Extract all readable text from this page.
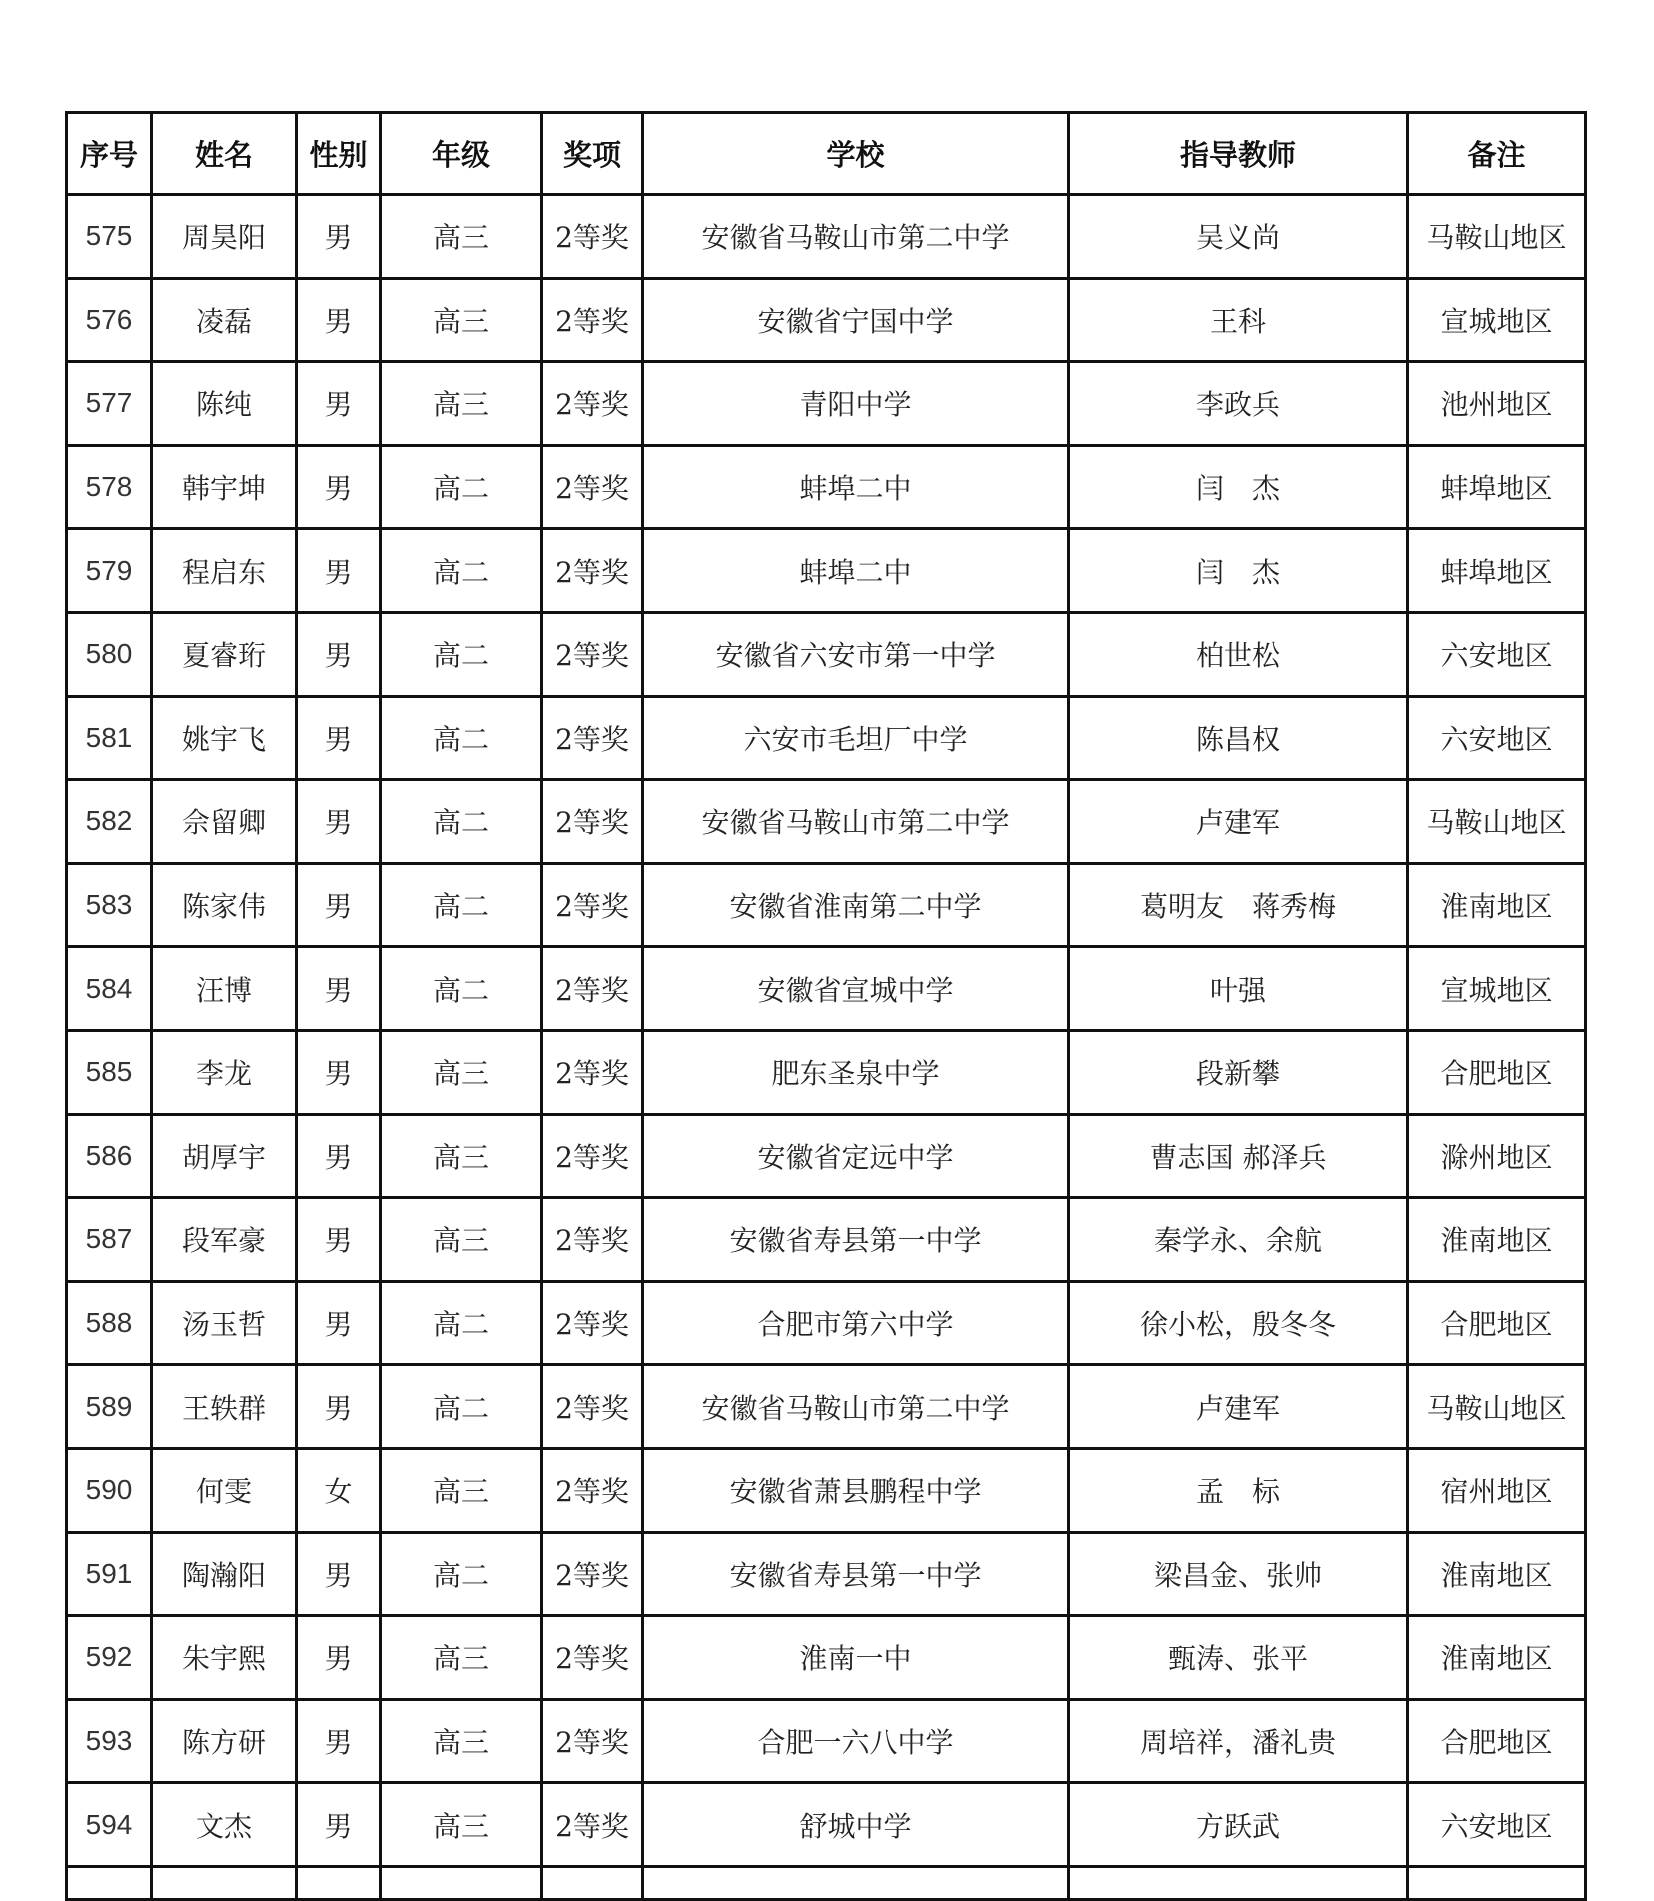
序号	姓名	性别	年级	奖项	学校	指导教师	备注
575	周昊阳	男	高三	2等奖	安徽省马鞍山市第二中学	吴义尚	马鞍山地区
576	凌磊	男	高三	2等奖	安徽省宁国中学	王科	宣城地区
577	陈纯	男	高三	2等奖	青阳中学	李政兵	池州地区
578	韩宇坤	男	高二	2等奖	蚌埠二中	闫　杰	蚌埠地区
579	程启东	男	高二	2等奖	蚌埠二中	闫　杰	蚌埠地区
580	夏睿珩	男	高二	2等奖	安徽省六安市第一中学	柏世松	六安地区
581	姚宇飞	男	高二	2等奖	六安市毛坦厂中学	陈昌权	六安地区
582	佘留卿	男	高二	2等奖	安徽省马鞍山市第二中学	卢建军	马鞍山地区
583	陈家伟	男	高二	2等奖	安徽省淮南第二中学	葛明友　蒋秀梅	淮南地区
584	汪博	男	高二	2等奖	安徽省宣城中学	叶强	宣城地区
585	李龙	男	高三	2等奖	肥东圣泉中学	段新攀	合肥地区
586	胡厚宇	男	高三	2等奖	安徽省定远中学	曹志国 郝泽兵	滁州地区
587	段军豪	男	高三	2等奖	安徽省寿县第一中学	秦学永、余航	淮南地区
588	汤玉哲	男	高二	2等奖	合肥市第六中学	徐小松，殷冬冬	合肥地区
589	王轶群	男	高二	2等奖	安徽省马鞍山市第二中学	卢建军	马鞍山地区
590	何雯	女	高三	2等奖	安徽省萧县鹏程中学	孟　标	宿州地区
591	陶瀚阳	男	高二	2等奖	安徽省寿县第一中学	梁昌金、张帅	淮南地区
592	朱宇熙	男	高三	2等奖	淮南一中	甄涛、张平	淮南地区
593	陈方研	男	高三	2等奖	合肥一六八中学	周培祥，潘礼贵	合肥地区
594	文杰	男	高三	2等奖	舒城中学	方跃武	六安地区
